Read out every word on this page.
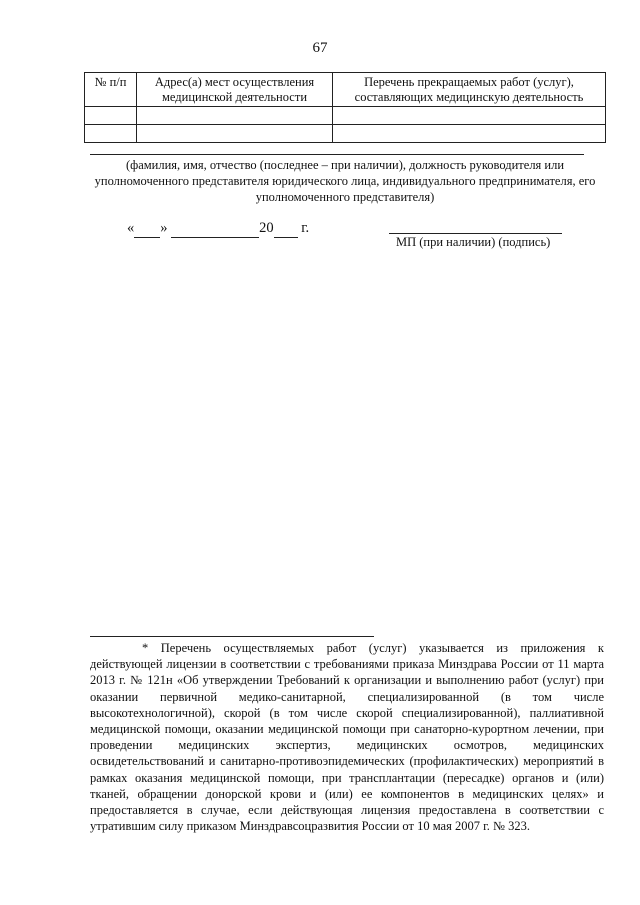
67
№ п/п	Адрес(а) мест осуществления медицинской деятельности	Перечень прекращаемых работ (услуг), составляющих медицинскую деятельность

(фамилия, имя, отчество (последнее – при наличии), должность руководителя или уполномоченного представителя юридического лица, индивидуального предпринимателя, его уполномоченного представителя)
« »	20 г.
МП (при наличии) (подпись)

* Перечень осуществляемых работ (услуг) указывается из приложения к действующей лицензии в соответствии с требованиями приказа Минздрава России от 11 марта 2013 г. № 121н «Об утверждении Требований к организации и выполнению работ (услуг) при оказании первичной медико-санитарной, специализированной (в том числе высокотехнологичной), скорой (в том числе скорой специализированной), паллиативной медицинской помощи, оказании медицинской помощи при санаторно-курортном лечении, при проведении медицинских экспертиз, медицинских осмотров, медицинских освидетельствований и санитарно-противоэпидемических (профилактических) мероприятий в рамках оказания медицинской помощи, при трансплантации (пересадке) органов и (или) тканей, обращении донорской крови и (или) ее компонентов в медицинских целях» и предоставляется в случае, если действующая лицензия предоставлена в соответствии с утратившим силу приказом Минздравсоцразвития России от 10 мая 2007 г. № 323.
